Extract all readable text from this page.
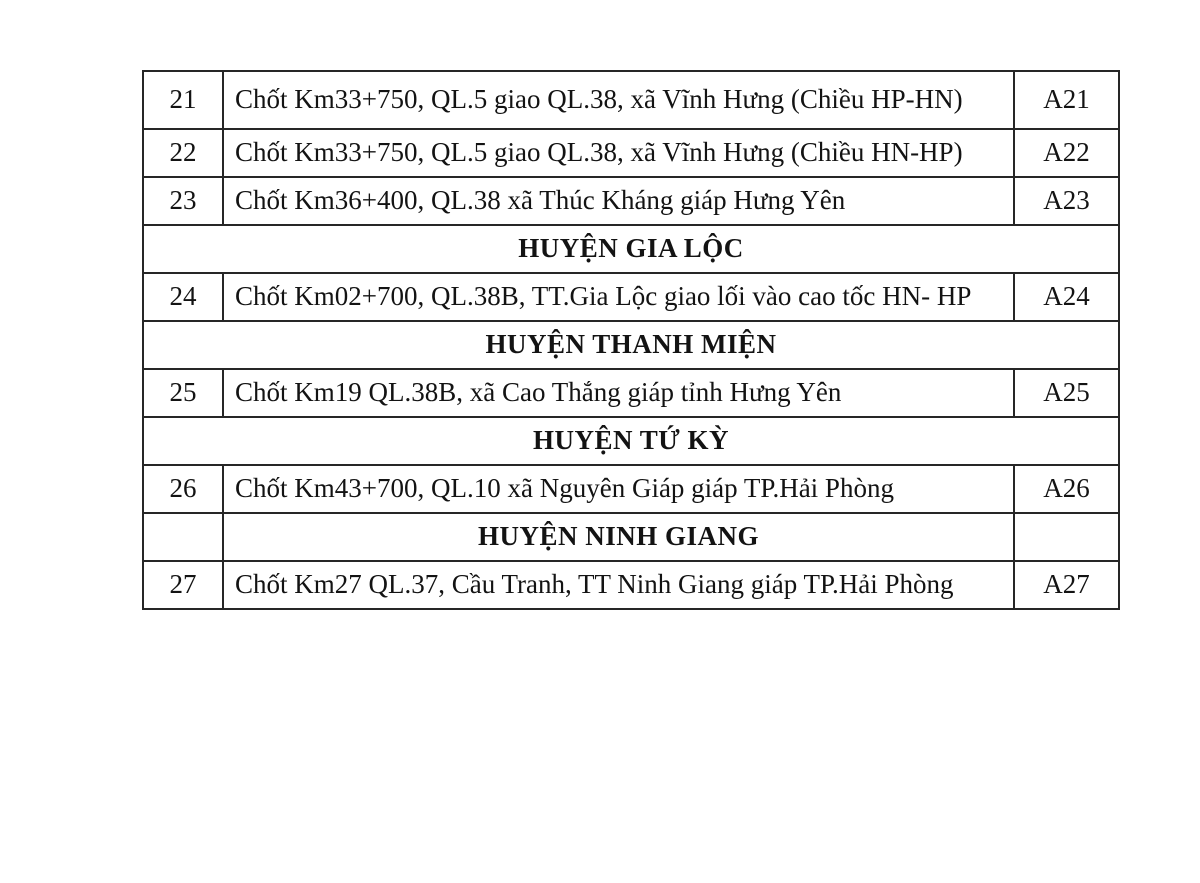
21	Chốt Km33+750, QL.5 giao QL.38, xã Vĩnh Hưng (Chiều HP-HN)	A21
22	Chốt Km33+750, QL.5 giao QL.38, xã Vĩnh Hưng (Chiều HN-HP)	A22
23	Chốt Km36+400, QL.38 xã Thúc Kháng giáp Hưng Yên	A23
HUYỆN GIA LỘC		
24	Chốt Km02+700, QL.38B, TT.Gia Lộc giao lối vào cao tốc HN- HP	A24
HUYỆN THANH MIỆN		
25	Chốt Km19 QL.38B, xã Cao Thắng giáp tỉnh Hưng Yên	A25
HUYỆN TỨ KỲ		
26	Chốt Km43+700, QL.10 xã Nguyên Giáp giáp TP.Hải Phòng	A26
	HUYỆN NINH GIANG	
27	Chốt Km27 QL.37, Cầu Tranh, TT Ninh Giang giáp TP.Hải Phòng	A27
